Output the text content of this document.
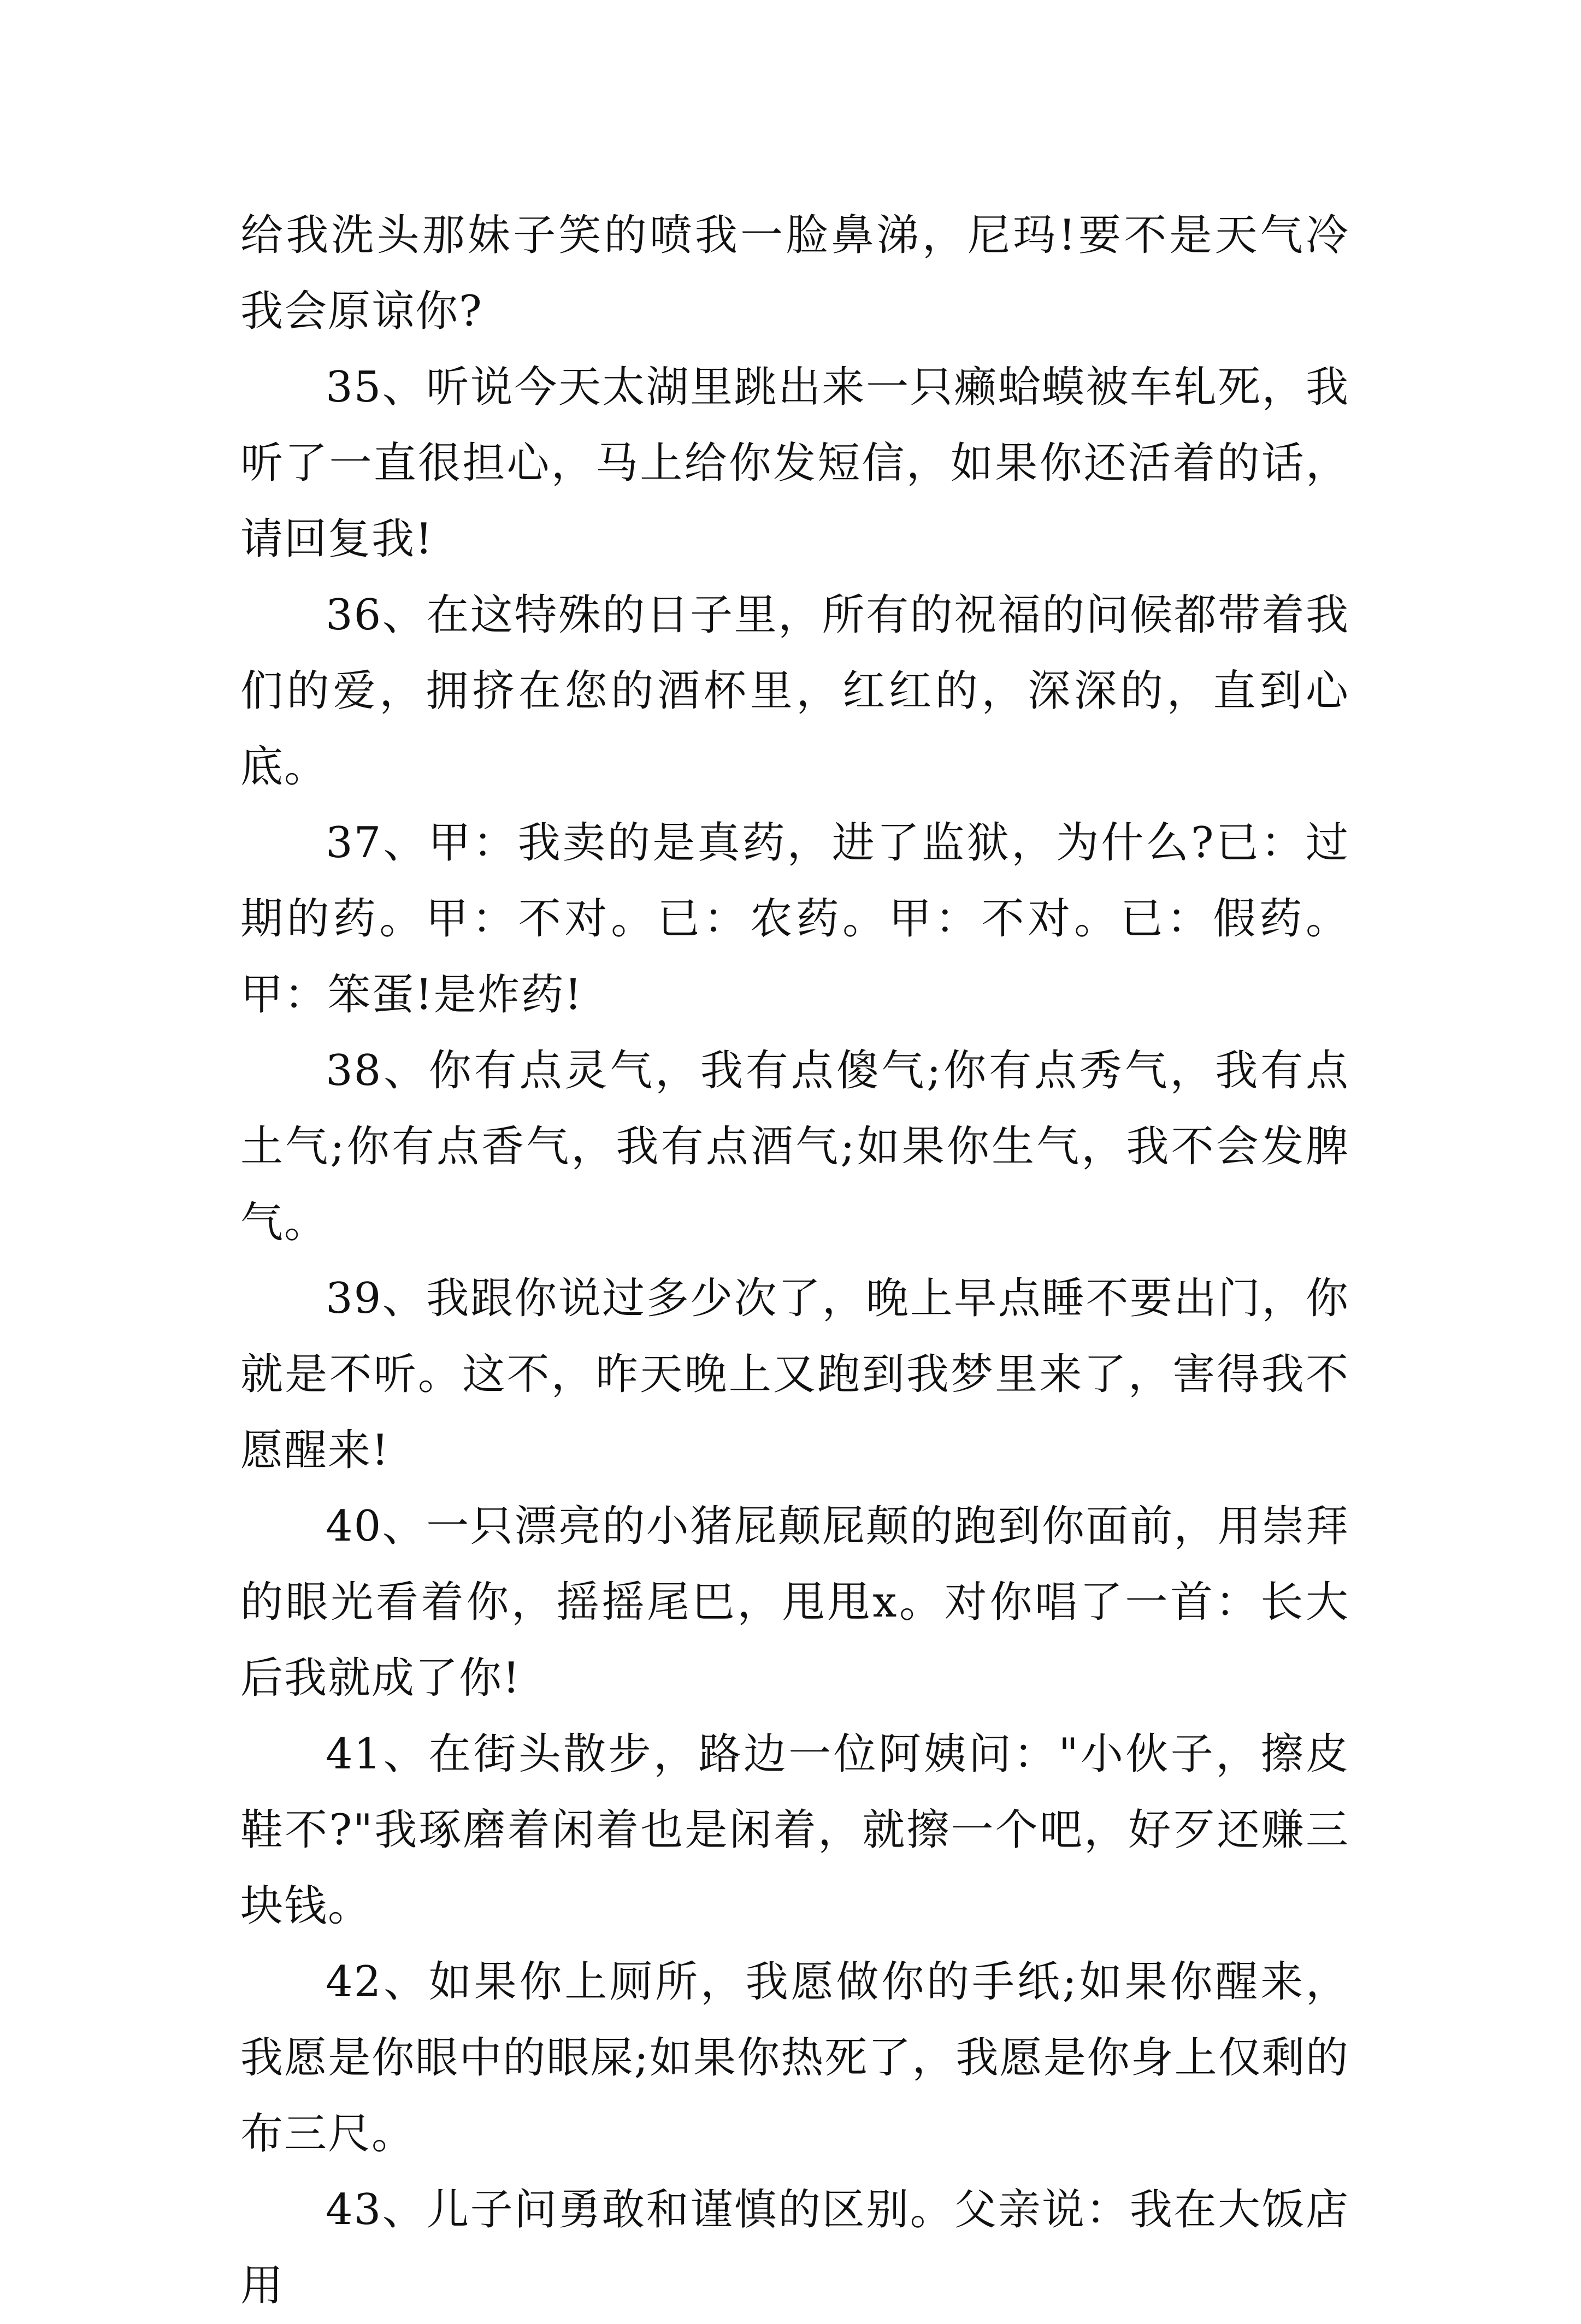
给我洗头那妹子笑的喷我一脸鼻涕，尼玛!要不是天气冷我会原谅你?

35、听说今天太湖里跳出来一只癞蛤蟆被车轧死，我听了一直很担心，马上给你发短信，如果你还活着的话，请回复我!

36、在这特殊的日子里，所有的祝福的问候都带着我们的爱，拥挤在您的酒杯里，红红的，深深的，直到心底。

37、甲：我卖的是真药，进了监狱，为什么?已：过期的药。甲：不对。已：农药。甲：不对。已：假药。甲：笨蛋!是炸药!

38、你有点灵气，我有点傻气;你有点秀气，我有点土气;你有点香气，我有点酒气;如果你生气，我不会发脾气。

39、我跟你说过多少次了，晚上早点睡不要出门，你就是不听。这不，昨天晚上又跑到我梦里来了，害得我不愿醒来!

40、一只漂亮的小猪屁颠屁颠的跑到你面前，用崇拜的眼光看着你，摇摇尾巴，甩甩x。对你唱了一首：长大后我就成了你!

41、在街头散步，路边一位阿姨问："小伙子，擦皮鞋不?"我琢磨着闲着也是闲着，就擦一个吧，好歹还赚三块钱。

42、如果你上厕所，我愿做你的手纸;如果你醒来，我愿是你眼中的眼屎;如果你热死了，我愿是你身上仅剩的布三尺。

43、儿子问勇敢和谨慎的区别。父亲说：我在大饭店用
